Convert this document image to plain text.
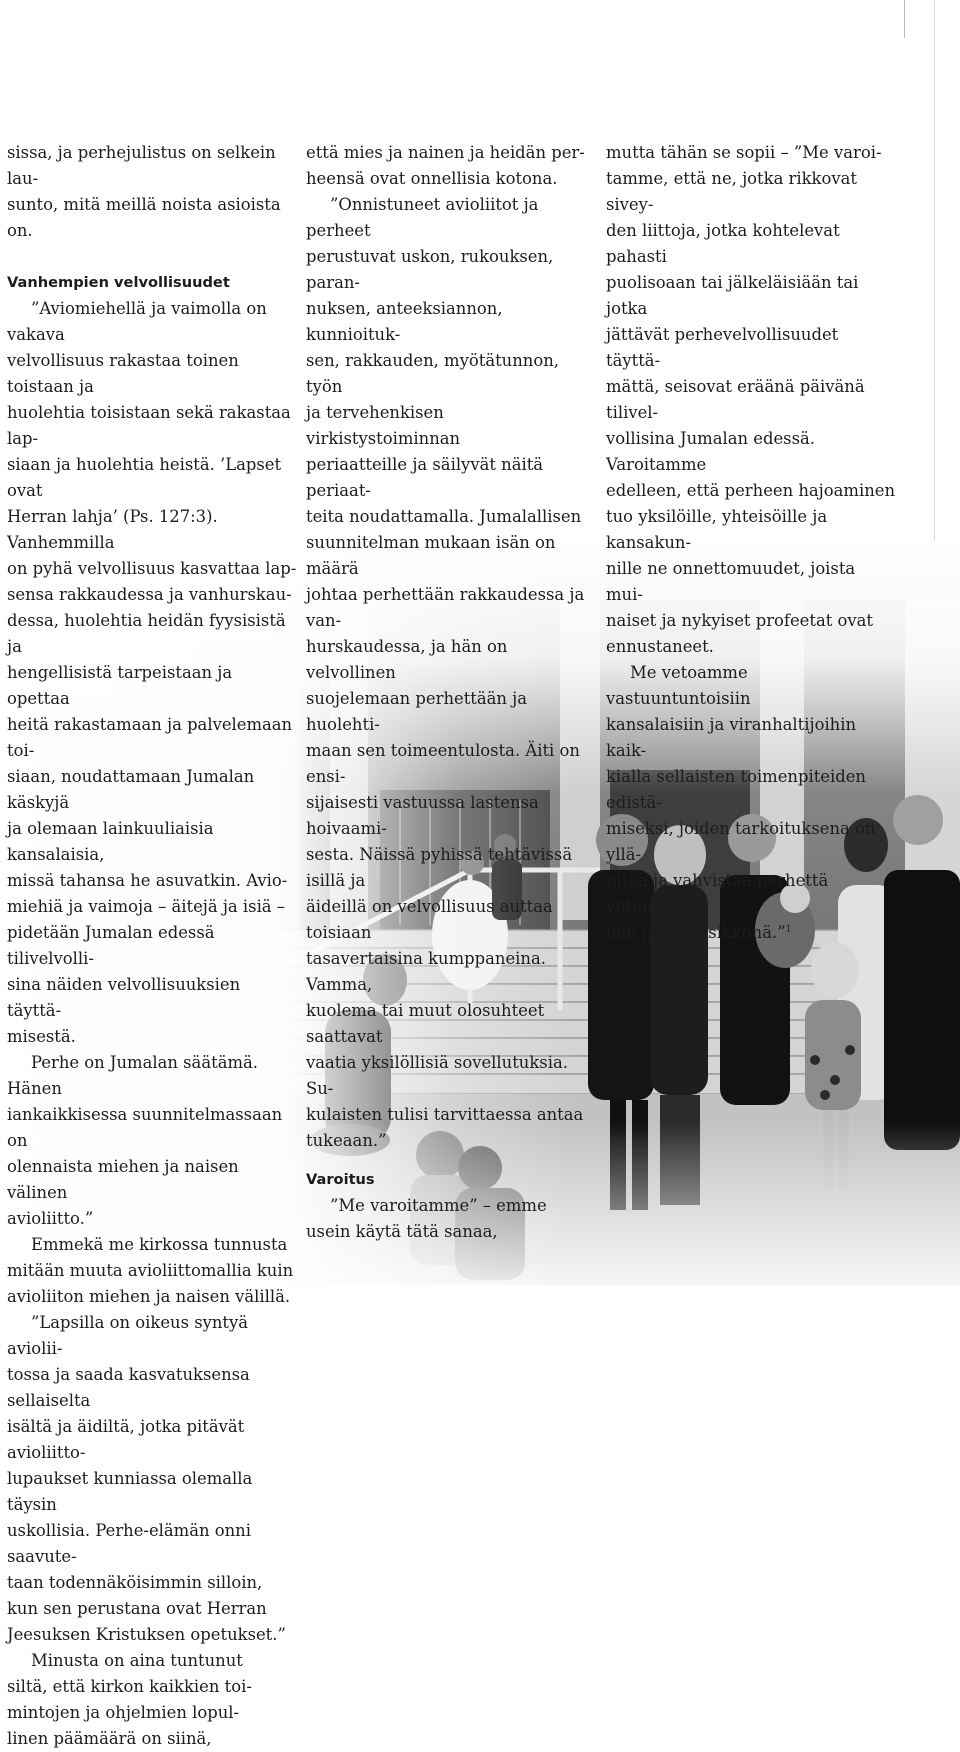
sissa, ja perhejulistus on selkein lau-

sunto, mitä meillä noista asioista on.

Vanhempien velvollisuudet

”Aviomiehellä ja vaimolla on vakava

velvollisuus rakastaa toinen toistaan ja

huolehtia toisistaan sekä rakastaa lap-

siaan ja huolehtia heistä. ’Lapset ovat

Herran lahja’ (Ps. 127:3). Vanhemmilla

on pyhä velvollisuus kasvattaa lap-

sensa rakkaudessa ja vanhurskau-

dessa, huolehtia heidän fyysisistä ja

hengellisistä tarpeistaan ja opettaa

heitä rakastamaan ja palvelemaan toi-

siaan, noudattamaan Jumalan käskyjä

ja olemaan lainkuuliaisia kansalaisia,

missä tahansa he asuvatkin. Avio-

miehiä ja vaimoja – äitejä ja isiä –

pidetään Jumalan edessä tilivelvolli-

sina näiden velvollisuuksien täyttä-

misestä.

Perhe on Jumalan säätämä. Hänen

iankaikkisessa suunnitelmassaan on

olennaista miehen ja naisen välinen

avioliitto.”

Emmekä me kirkossa tunnusta

mitään muuta avioliittomallia kuin

avioliiton miehen ja naisen välillä.

”Lapsilla on oikeus syntyä aviolii-

tossa ja saada kasvatuksensa sellaiselta

isältä ja äidiltä, jotka pitävät avioliitto-

lupaukset kunniassa olemalla täysin

uskollisia. Perhe-elämän onni saavute-

taan todennäköisimmin silloin,

kun sen perustana ovat Herran

Jeesuksen Kristuksen opetukset.”

Minusta on aina tuntunut

siltä, että kirkon kaikkien toi-

mintojen ja ohjelmien lopul-

linen päämäärä on siinä,

että mies ja nainen ja heidän per-

heensä ovat onnellisia kotona.

”Onnistuneet avioliitot ja perheet

perustuvat uskon, rukouksen, paran-

nuksen, anteeksiannon, kunnioituk-

sen, rakkauden, myötätunnon, työn

ja tervehenkisen virkistystoiminnan

periaatteille ja säilyvät näitä periaat-

teita noudattamalla. Jumalallisen

suunnitelman mukaan isän on määrä

johtaa perhettään rakkaudessa ja van-

hurskaudessa, ja hän on velvollinen

suojelemaan perhettään ja huolehti-

maan sen toimeentulosta. Äiti on ensi-

sijaisesti vastuussa lastensa hoivaami-

sesta. Näissä pyhissä tehtävissä isillä ja

äideillä on velvollisuus auttaa toisiaan

tasavertaisina kumppaneina. Vamma,

kuolema tai muut olosuhteet saattavat

vaatia yksilöllisiä sovellutuksia. Su-

kulaisten tulisi tarvittaessa antaa

tukeaan.”

Varoitus

”Me varoitamme” – emme

usein käytä tätä sanaa,

mutta tähän se sopii – ”Me varoi-

tamme, että ne, jotka rikkovat sivey-

den liittoja, jotka kohtelevat pahasti

puolisoaan tai jälkeläisiään tai jotka

jättävät perhevelvollisuudet täyttä-

mättä, seisovat eräänä päivänä tilivel-

vollisina Jumalan edessä. Varoitamme

edelleen, että perheen hajoaminen

tuo yksilöille, yhteisöille ja kansakun-

nille ne onnettomuudet, joista mui-

naiset ja nykyiset profeetat ovat

ennustaneet.

Me vetoamme vastuuntuntoisiin

kansalaisiin ja viranhaltijoihin kaik-

kialla sellaisten toimenpiteiden edistä-

miseksi, joiden tarkoituksena on yllä-

pitää ja vahvistaa perhettä yhteiskun-

nan perusyksikkönä.”$^1$
